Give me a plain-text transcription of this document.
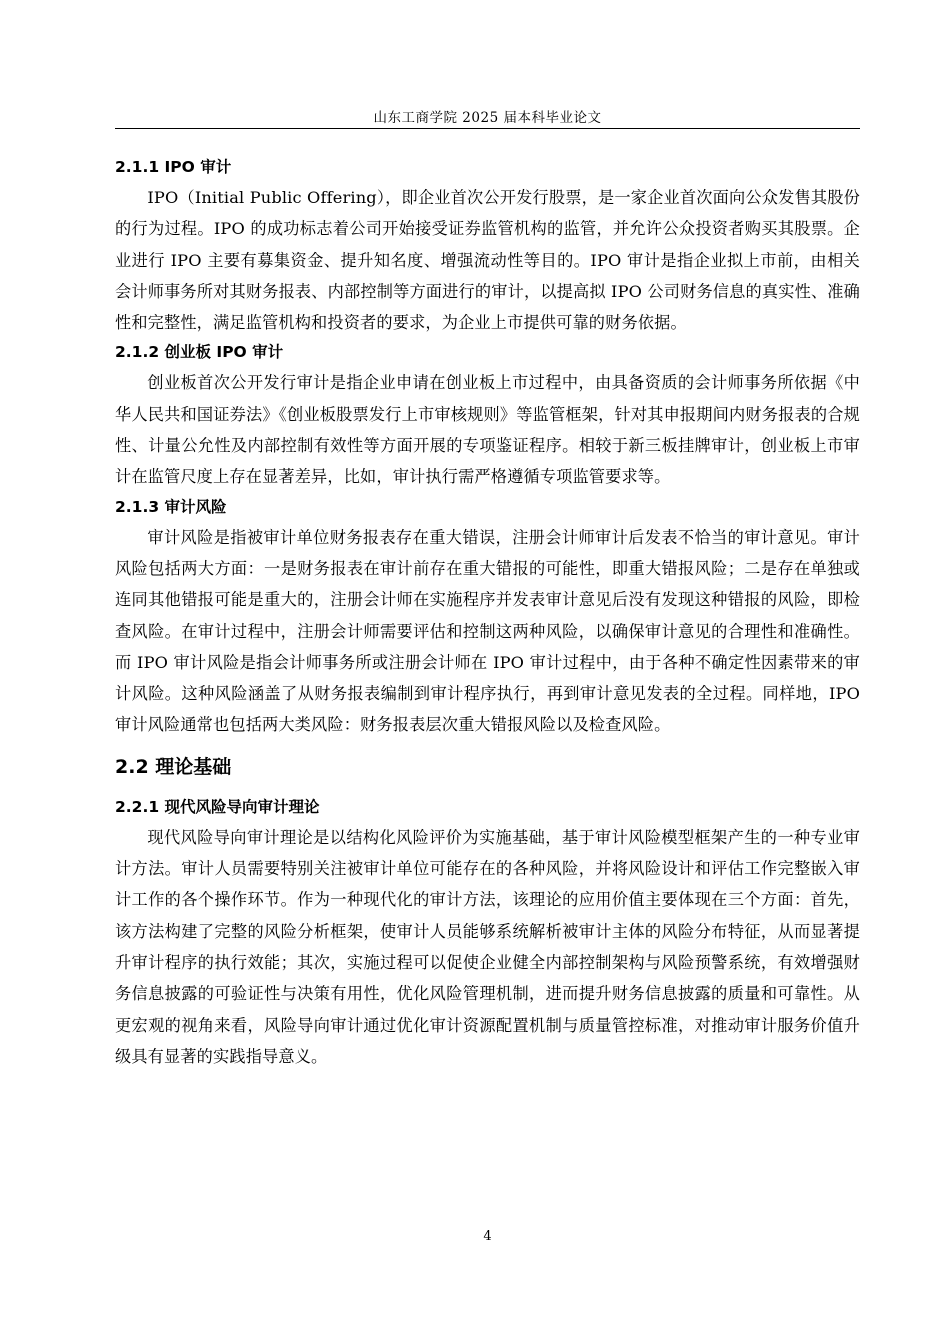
山东工商学院 2025 届本科毕业论文
2.1.1 IPO 审计

IPO（Initial Public Offering），即企业首次公开发行股票，是一家企业首次面向公众发售其股份的行为过程。IPO 的成功标志着公司开始接受证券监管机构的监管，并允许公众投资者购买其股票。企业进行 IPO 主要有募集资金、提升知名度、增强流动性等目的。IPO 审计是指企业拟上市前，由相关会计师事务所对其财务报表、内部控制等方面进行的审计，以提高拟 IPO 公司财务信息的真实性、准确性和完整性，满足监管机构和投资者的要求，为企业上市提供可靠的财务依据。

2.1.2 创业板 IPO 审计

创业板首次公开发行审计是指企业申请在创业板上市过程中，由具备资质的会计师事务所依据《中华人民共和国证券法》《创业板股票发行上市审核规则》等监管框架，针对其申报期间内财务报表的合规性、计量公允性及内部控制有效性等方面开展的专项鉴证程序。相较于新三板挂牌审计，创业板上市审计在监管尺度上存在显著差异，比如，审计执行需严格遵循专项监管要求等。

2.1.3 审计风险

审计风险是指被审计单位财务报表存在重大错误，注册会计师审计后发表不恰当的审计意见。审计风险包括两大方面：一是财务报表在审计前存在重大错报的可能性，即重大错报风险；二是存在单独或连同其他错报可能是重大的，注册会计师在实施程序并发表审计意见后没有发现这种错报的风险，即检查风险。在审计过程中，注册会计师需要评估和控制这两种风险，以确保审计意见的合理性和准确性。而 IPO 审计风险是指会计师事务所或注册会计师在 IPO 审计过程中，由于各种不确定性因素带来的审计风险。这种风险涵盖了从财务报表编制到审计程序执行，再到审计意见发表的全过程。同样地，IPO 审计风险通常也包括两大类风险：财务报表层次重大错报风险以及检查风险。

2.2 理论基础
2.2.1 现代风险导向审计理论

现代风险导向审计理论是以结构化风险评价为实施基础，基于审计风险模型框架产生的一种专业审计方法。审计人员需要特别关注被审计单位可能存在的各种风险，并将风险设计和评估工作完整嵌入审计工作的各个操作环节。作为一种现代化的审计方法，该理论的应用价值主要体现在三个方面：首先，该方法构建了完整的风险分析框架，使审计人员能够系统解析被审计主体的风险分布特征，从而显著提升审计程序的执行效能；其次，实施过程可以促使企业健全内部控制架构与风险预警系统，有效增强财务信息披露的可验证性与决策有用性，优化风险管理机制，进而提升财务信息披露的质量和可靠性。从更宏观的视角来看，风险导向审计通过优化审计资源配置机制与质量管控标准，对推动审计服务价值升级具有显著的实践指导意义。

4
